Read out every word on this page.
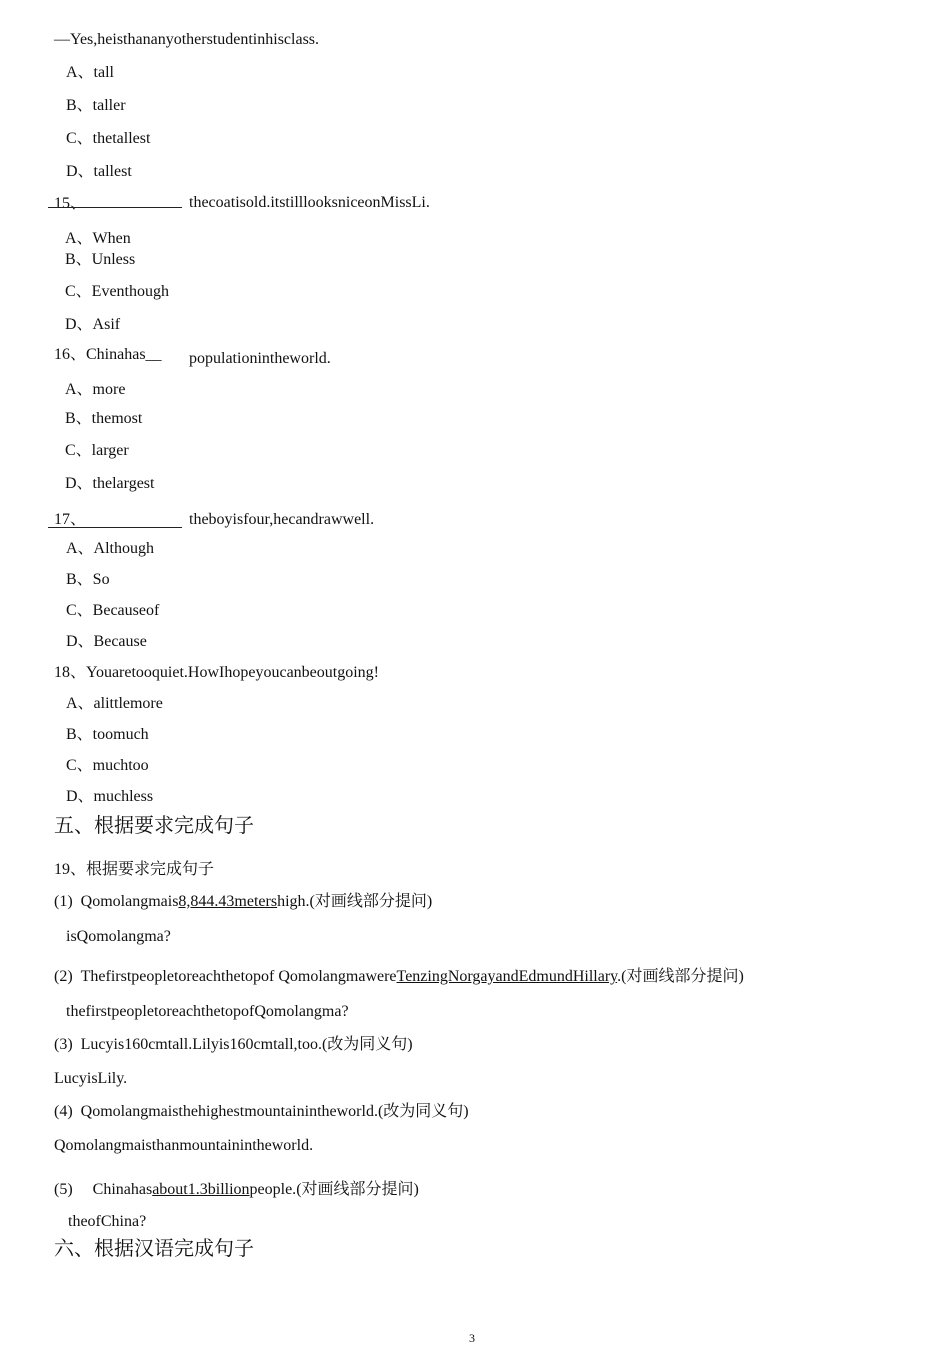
—Yes,heisthananyotherstudentinhisclass.
A、tall
B、taller
C、thetallest
D、tallest
15、	thecoatisold.itstilllooksniceonMissLi.
A、When
B、Unless
C、Eventhough
D、Asif
16、Chinahas__ populationintheworld.
A、more
B、themost
C、larger
D、thelargest
17、	theboyisfour,hecandrawwell.
A、Although
B、So
C、Becauseof
D、Because
18、Youaretooquiet.HowIhopeyoucanbeoutgoing!
A、alittlemore
B、toomuch
C、muchtoo
D、muchless
五、根据要求完成句子
19、根据要求完成句子
(1) Qomolangmais8,844.43metershigh.(对画线部分提问)
isQomolangma?
(2) Thefirstpeopletoreachthetopof QomolangmawereTenzingNorgayandEdmundHillary.(对画线部分提问)
thefirstpeopletoreachthetopofQomolangma?
(3) Lucyis160cmtall.Lilyis160cmtall,too.(改为同义句)
LucyisLily.
(4) Qomolangmaisthehighestmountainintheworld.(改为同义句)
Qomolangmaisthanmountainintheworld.
(5) Chinahasabout1.3billionpeople.(对画线部分提问)
theofChina?
六、根据汉语完成句子
3
